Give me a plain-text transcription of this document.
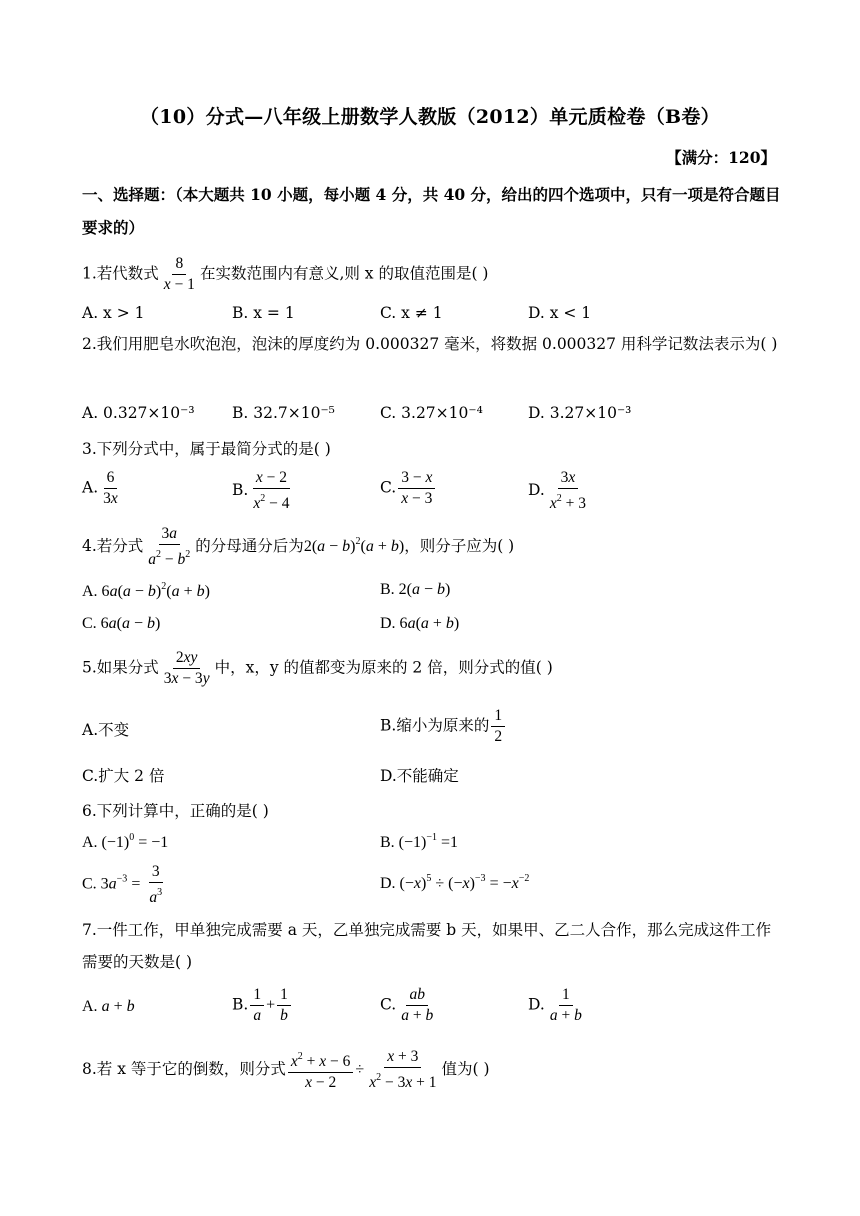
（10）分式—八年级上册数学人教版（2012）单元质检卷（B卷）
【满分：120】
一、选择题：（本大题共 10 小题，每小题 4 分，共 40 分，给出的四个选项中，只有一项是符合题目要求的）
1.若代数式 $\frac{8}{x - 1}$ 在实数范围内有意义,则 x 的取值范围是( )
A. x > 1	B. x = 1	C. x ≠ 1	D. x < 1
2.我们用肥皂水吹泡泡，泡沫的厚度约为 0.000327 毫米，将数据 0.000327 用科学记数法表示为( )
A. 0.327×10⁻³ B. 32.7×10⁻⁵	C. 3.27×10⁻⁴	D. 3.27×10⁻³
3.下列分式中，属于最简分式的是( )
A. $\frac{6}{3x}$	B. $\frac{x - 2}{x^2 - 4}$	C. $\frac{3 - x}{x - 3}$	D. $\frac{3x}{x^2 + 3}$
4.若分式 $\frac{3a}{a^2 - b^2}$ 的分母通分后为$2(a - b)^2(a + b)$，则分子应为( )
A. $6a(a - b)^2(a + b)$	B. 2(a − b)
C. 6a(a − b)	D. 6a(a + b)
5.如果分式 $\frac{2xy}{3x - 3y}$ 中，x，y 的值都变为原来的 2 倍，则分式的值( )
A.不变	B.缩小为原来的 $\frac{1}{2}$
C.扩大 2 倍	D.不能确定
6.下列计算中，正确的是( )
A. $(-1)^0 = -1$	B. $(-1)^{-1} =1$
C. $3a^{-3} = \frac{3}{a^3}$	D. $(-x)^5 \div (-x)^{-3} = -x^{-2}$
7.一件工作，甲单独完成需要 a 天，乙单独完成需要 b 天，如果甲、乙二人合作，那么完成这件工作需要的天数是( )
A. a + b	B. $\frac{1}{a} + \frac{1}{b}$	C. $\frac{ab}{a + b}$	D. $\frac{1}{a + b}$
8.若 x 等于它的倒数，则分式 $\frac{x^2 + x - 6}{x - 2} \div \frac{x + 3}{x^2 - 3x + 1}$ 值为( )
